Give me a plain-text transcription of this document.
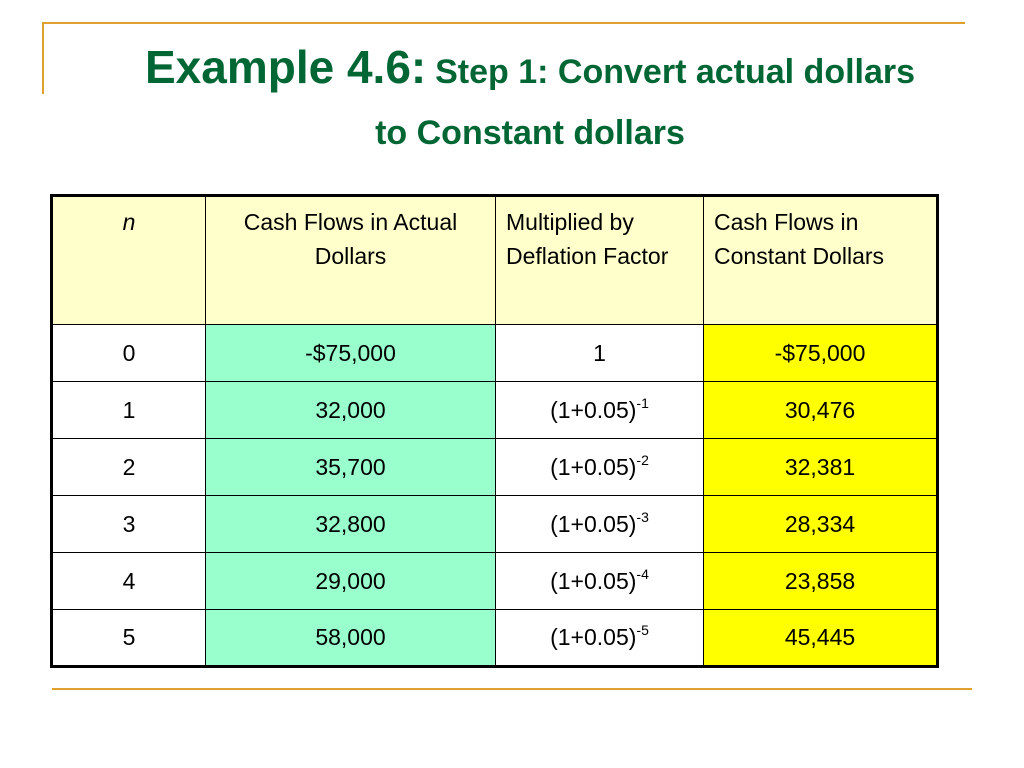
Example 4.6: Step 1: Convert actual dollars
to Constant dollars
n	Cash Flows in Actual Dollars	Multiplied by Deflation Factor	Cash Flows in Constant Dollars
0	-$75,000	1	-$75,000
1	32,000	$(1+0.05)^{-1}$	30,476
2	35,700	$(1+0.05)^{-2}$	32,381
3	32,800	$(1+0.05)^{-3}$	28,334
4	29,000	$(1+0.05)^{-4}$	23,858
5	58,000	$(1+0.05)^{-5}$	45,445
